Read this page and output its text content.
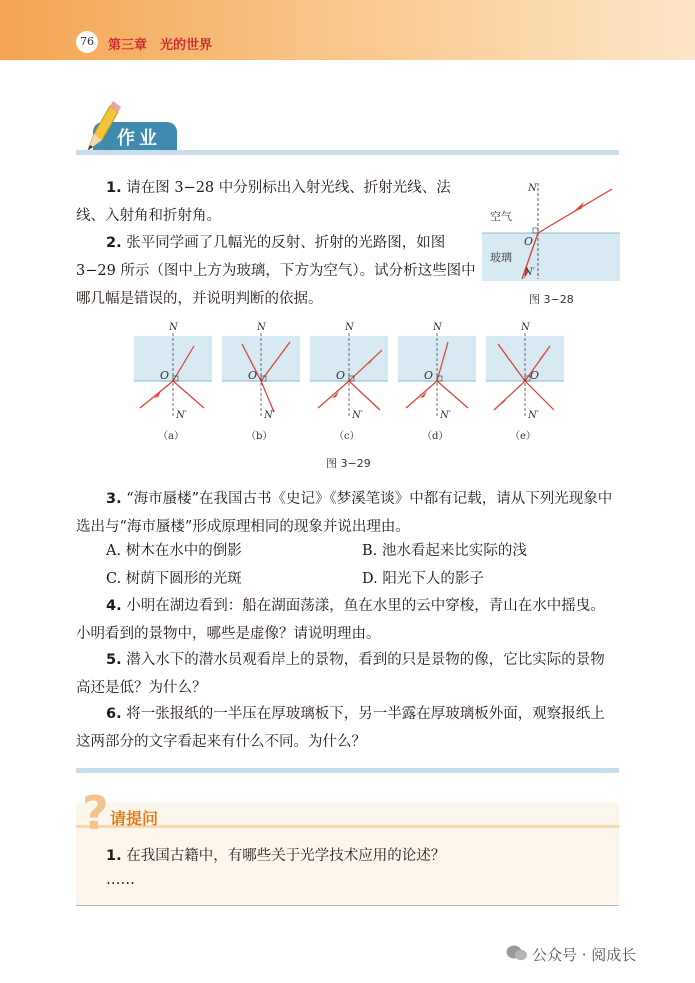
76	第三章　光的世界
作业

1. 请在图 3−28 中分别标出入射光线、折射光线、法线、入射角和折射角。

2. 张平同学画了几幅光的反射、折射的光路图，如图 3−29 所示（图中上方为玻璃，下方为空气）。试分析这些图中哪几幅是错误的，并说明判断的依据。

N
N′
O
空气
玻璃
图 3−28
N
N′
O
（a）
N
N′
O
（b）
N
N′
O
（c）
N
N′
O
（d）
N
N′
O
（e）
图 3−29

3. “海市蜃楼”在我国古书《史记》《梦溪笔谈》中都有记载，请从下列光现象中选出与“海市蜃楼”形成原理相同的现象并说出理由。

A. 树木在水中的倒影	B. 池水看起来比实际的浅
C. 树荫下圆形的光斑	D. 阳光下人的影子

4. 小明在湖边看到：船在湖面荡漾，鱼在水里的云中穿梭，青山在水中摇曳。小明看到的景物中，哪些是虚像？请说明理由。

5. 潜入水下的潜水员观看岸上的景物，看到的只是景物的像，它比实际的景物高还是低？为什么？

6. 将一张报纸的一半压在厚玻璃板下，另一半露在厚玻璃板外面，观察报纸上这两部分的文字看起来有什么不同。为什么？

? 请提问

1. 在我国古籍中，有哪些关于光学技术应用的论述？

……
公众号 · 阅成长
